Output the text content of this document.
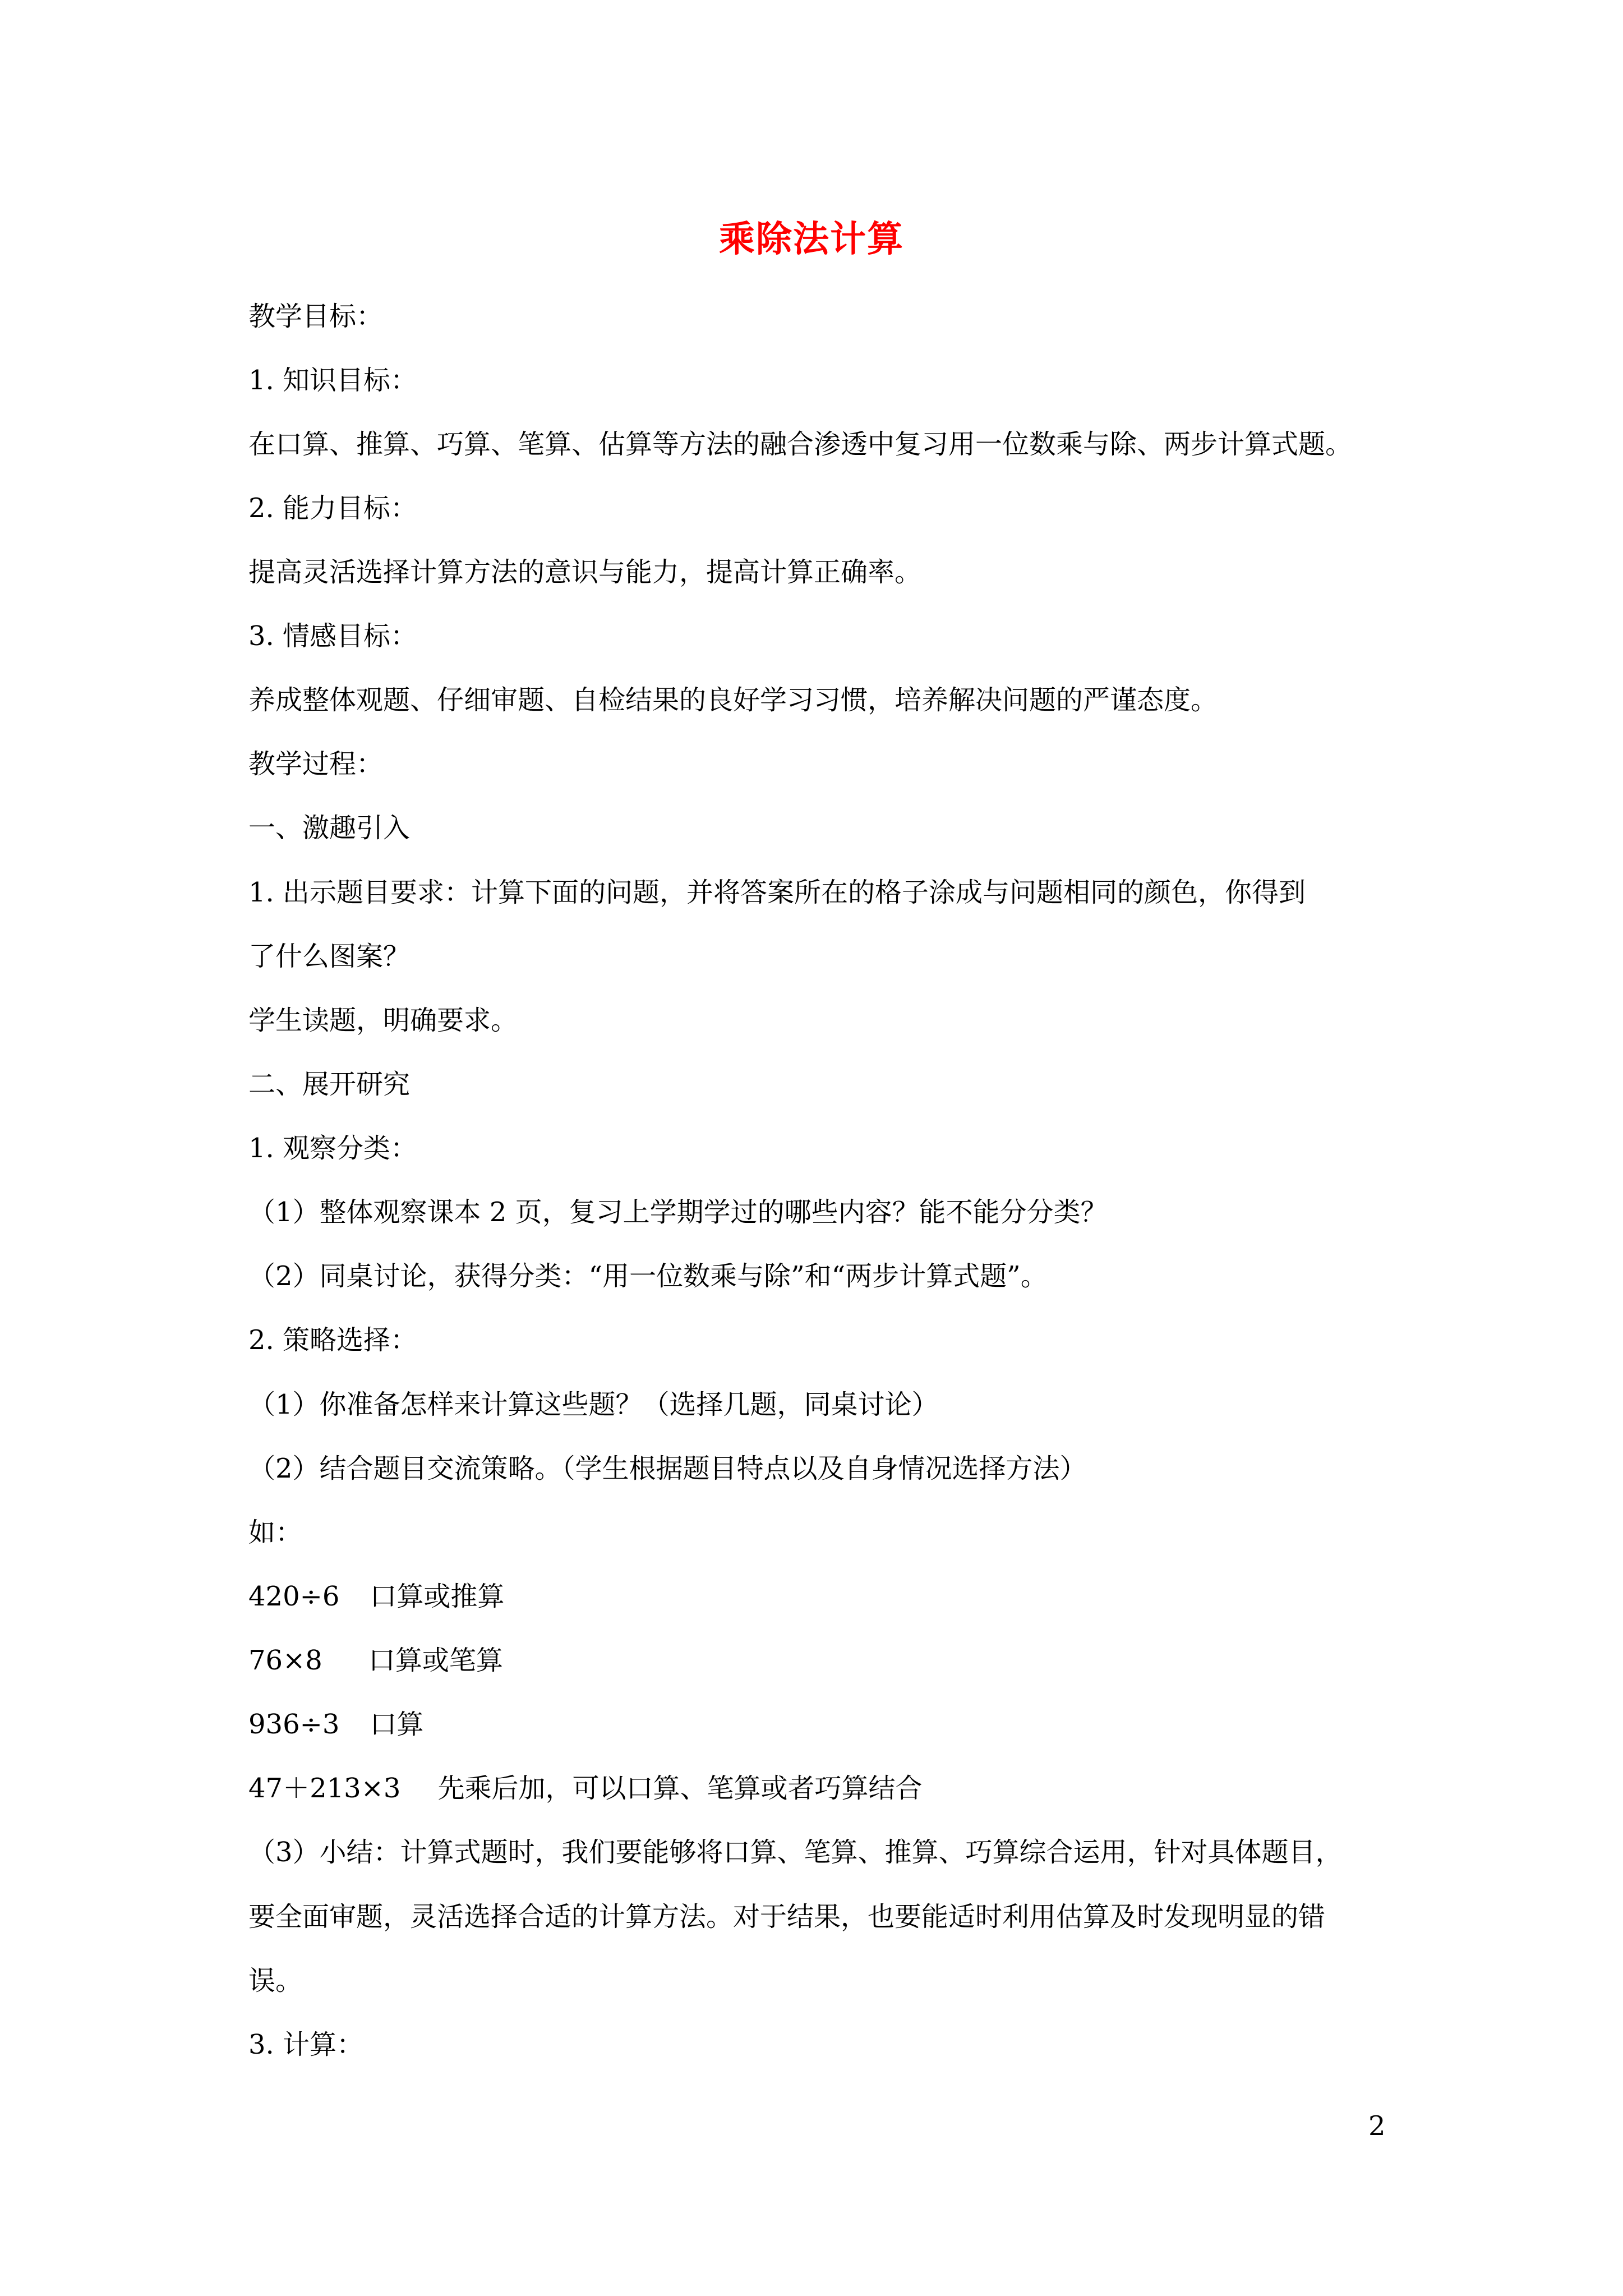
乘除法计算
教学目标：
1. 知识目标：
在口算、推算、巧算、笔算、估算等方法的融合渗透中复习用一位数乘与除、两步计算式题。
2. 能力目标：
提高灵活选择计算方法的意识与能力，提高计算正确率。
3. 情感目标：
养成整体观题、仔细审题、自检结果的良好学习习惯，培养解决问题的严谨态度。
教学过程：
一、激趣引入
1. 出示题目要求：计算下面的问题，并将答案所在的格子涂成与问题相同的颜色，你得到
了什么图案？
学生读题，明确要求。
二、展开研究
1. 观察分类：
（1）整体观察课本 2 页，复习上学期学过的哪些内容？能不能分分类？
（2）同桌讨论，获得分类：“用一位数乘与除”和“两步计算式题”。
2. 策略选择：
（1）你准备怎样来计算这些题？（选择几题，同桌讨论）
（2）结合题目交流策略。（学生根据题目特点以及自身情况选择方法）
如：
420÷6 口算或推算
76×8 口算或笔算
936÷3 口算
47＋213×3 先乘后加，可以口算、笔算或者巧算结合
（3）小结：计算式题时，我们要能够将口算、笔算、推算、巧算综合运用，针对具体题目，
要全面审题，灵活选择合适的计算方法。对于结果，也要能适时利用估算及时发现明显的错
误。
3. 计算：
2
